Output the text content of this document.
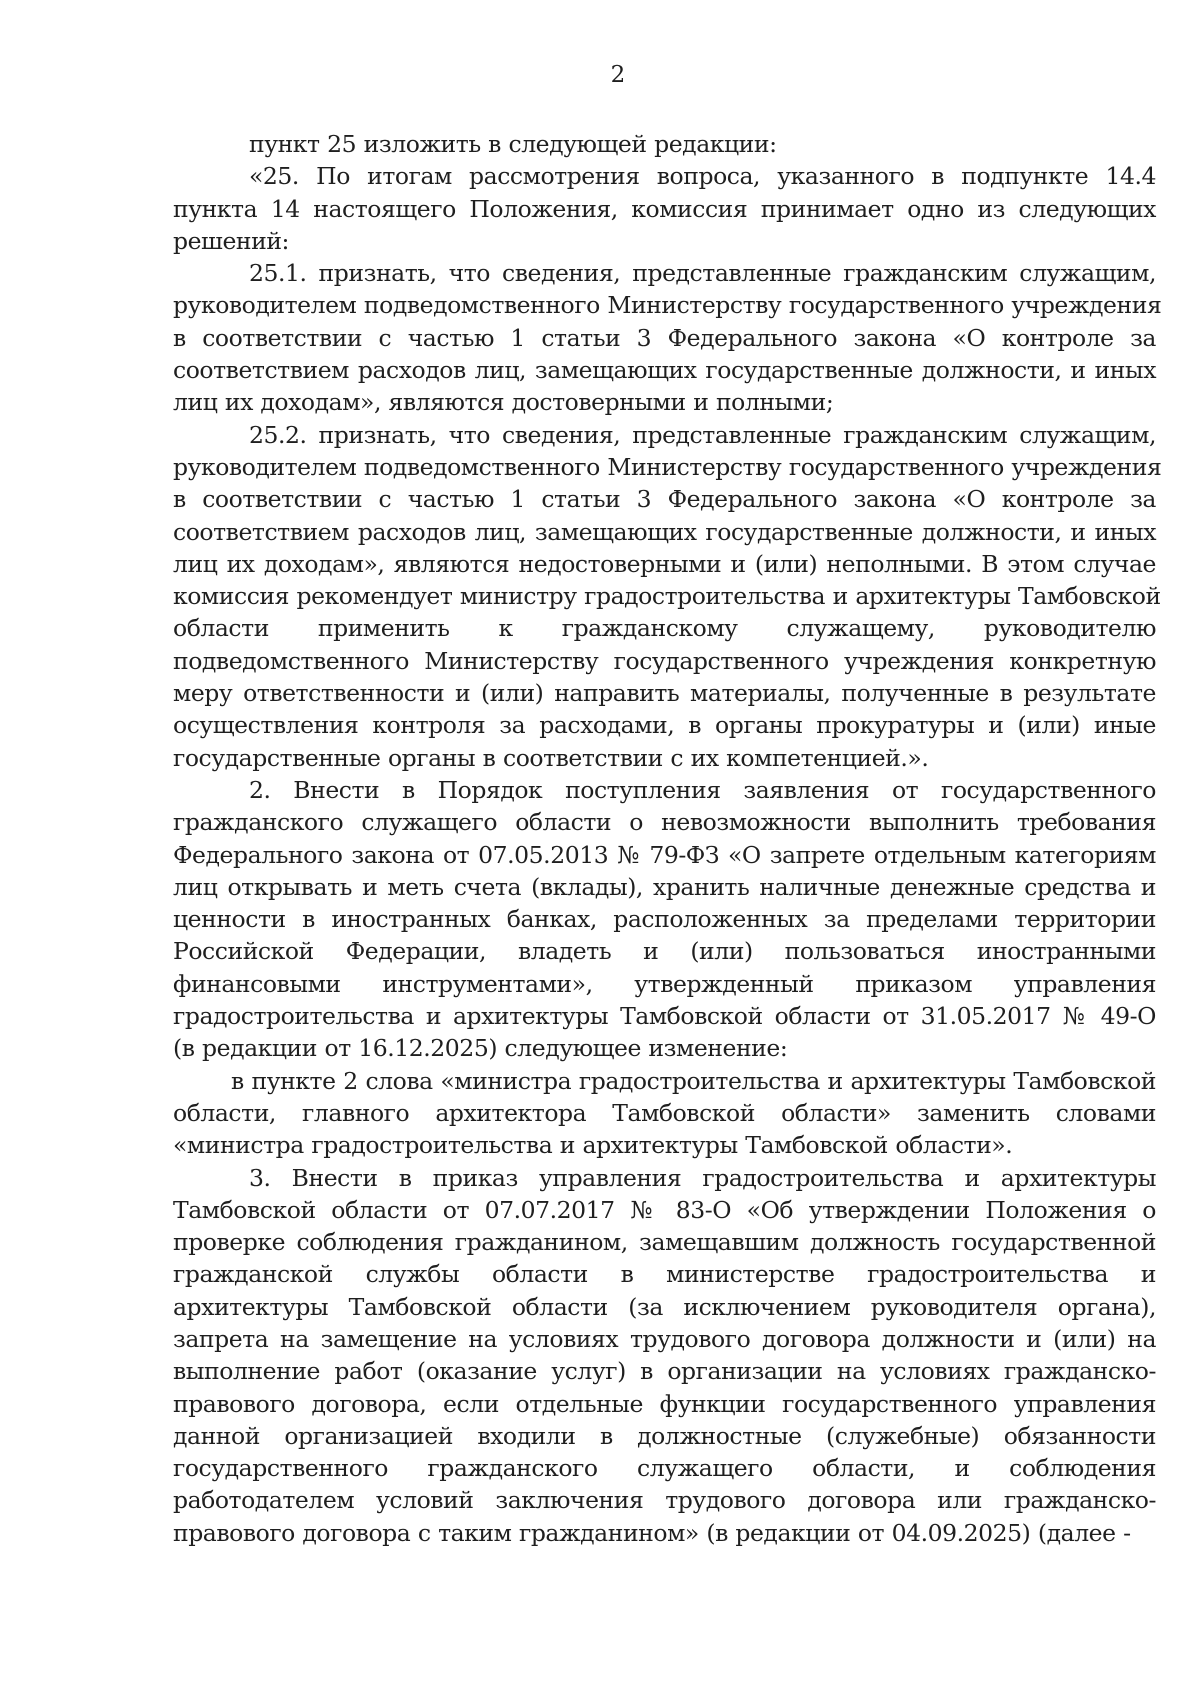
2
пункт 25 изложить в следующей редакции:
«25. По итогам рассмотрения вопроса, указанного в подпункте 14.4
пункта 14 настоящего Положения, комиссия принимает одно из следующих
решений:
25.1. признать, что сведения, представленные гражданским служащим,
руководителем подведомственного Министерству государственного учреждения
в соответствии с частью 1 статьи 3 Федерального закона «О контроле за
соответствием расходов лиц, замещающих государственные должности, и иных
лиц их доходам», являются достоверными и полными;
25.2. признать, что сведения, представленные гражданским служащим,
руководителем подведомственного Министерству государственного учреждения
в соответствии с частью 1 статьи 3 Федерального закона «О контроле за
соответствием расходов лиц, замещающих государственные должности, и иных
лиц их доходам», являются недостоверными и (или) неполными. В этом случае
комиссия рекомендует министру градостроительства и архитектуры Тамбовской
области применить к гражданскому служащему, руководителю
подведомственного Министерству государственного учреждения конкретную
меру ответственности и (или) направить материалы, полученные в результате
осуществления контроля за расходами, в органы прокуратуры и (или) иные
государственные органы в соответствии с их компетенцией.».
2. Внести в Порядок поступления заявления от государственного
гражданского служащего области о невозможности выполнить требования
Федерального закона от 07.05.2013 № 79-ФЗ «О запрете отдельным категориям
лиц открывать и меть счета (вклады), хранить наличные денежные средства и
ценности в иностранных банках, расположенных за пределами территории
Российской Федерации, владеть и (или) пользоваться иностранными
финансовыми инструментами», утвержденный приказом управления
градостроительства и архитектуры Тамбовской области от 31.05.2017 № 49-О
(в редакции от 16.12.2025) следующее изменение:
в пункте 2 слова «министра градостроительства и архитектуры Тамбовской
области, главного архитектора Тамбовской области» заменить словами
«министра градостроительства и архитектуры Тамбовской области».
3. Внести в приказ управления градостроительства и архитектуры
Тамбовской области от 07.07.2017 № 83-О «Об утверждении Положения о
проверке соблюдения гражданином, замещавшим должность государственной
гражданской службы области в министерстве градостроительства и
архитектуры Тамбовской области (за исключением руководителя органа),
запрета на замещение на условиях трудового договора должности и (или) на
выполнение работ (оказание услуг) в организации на условиях гражданско-
правового договора, если отдельные функции государственного управления
данной организацией входили в должностные (служебные) обязанности
государственного гражданского служащего области, и соблюдения
работодателем условий заключения трудового договора или гражданско-
правового договора с таким гражданином» (в редакции от 04.09.2025) (далее -
